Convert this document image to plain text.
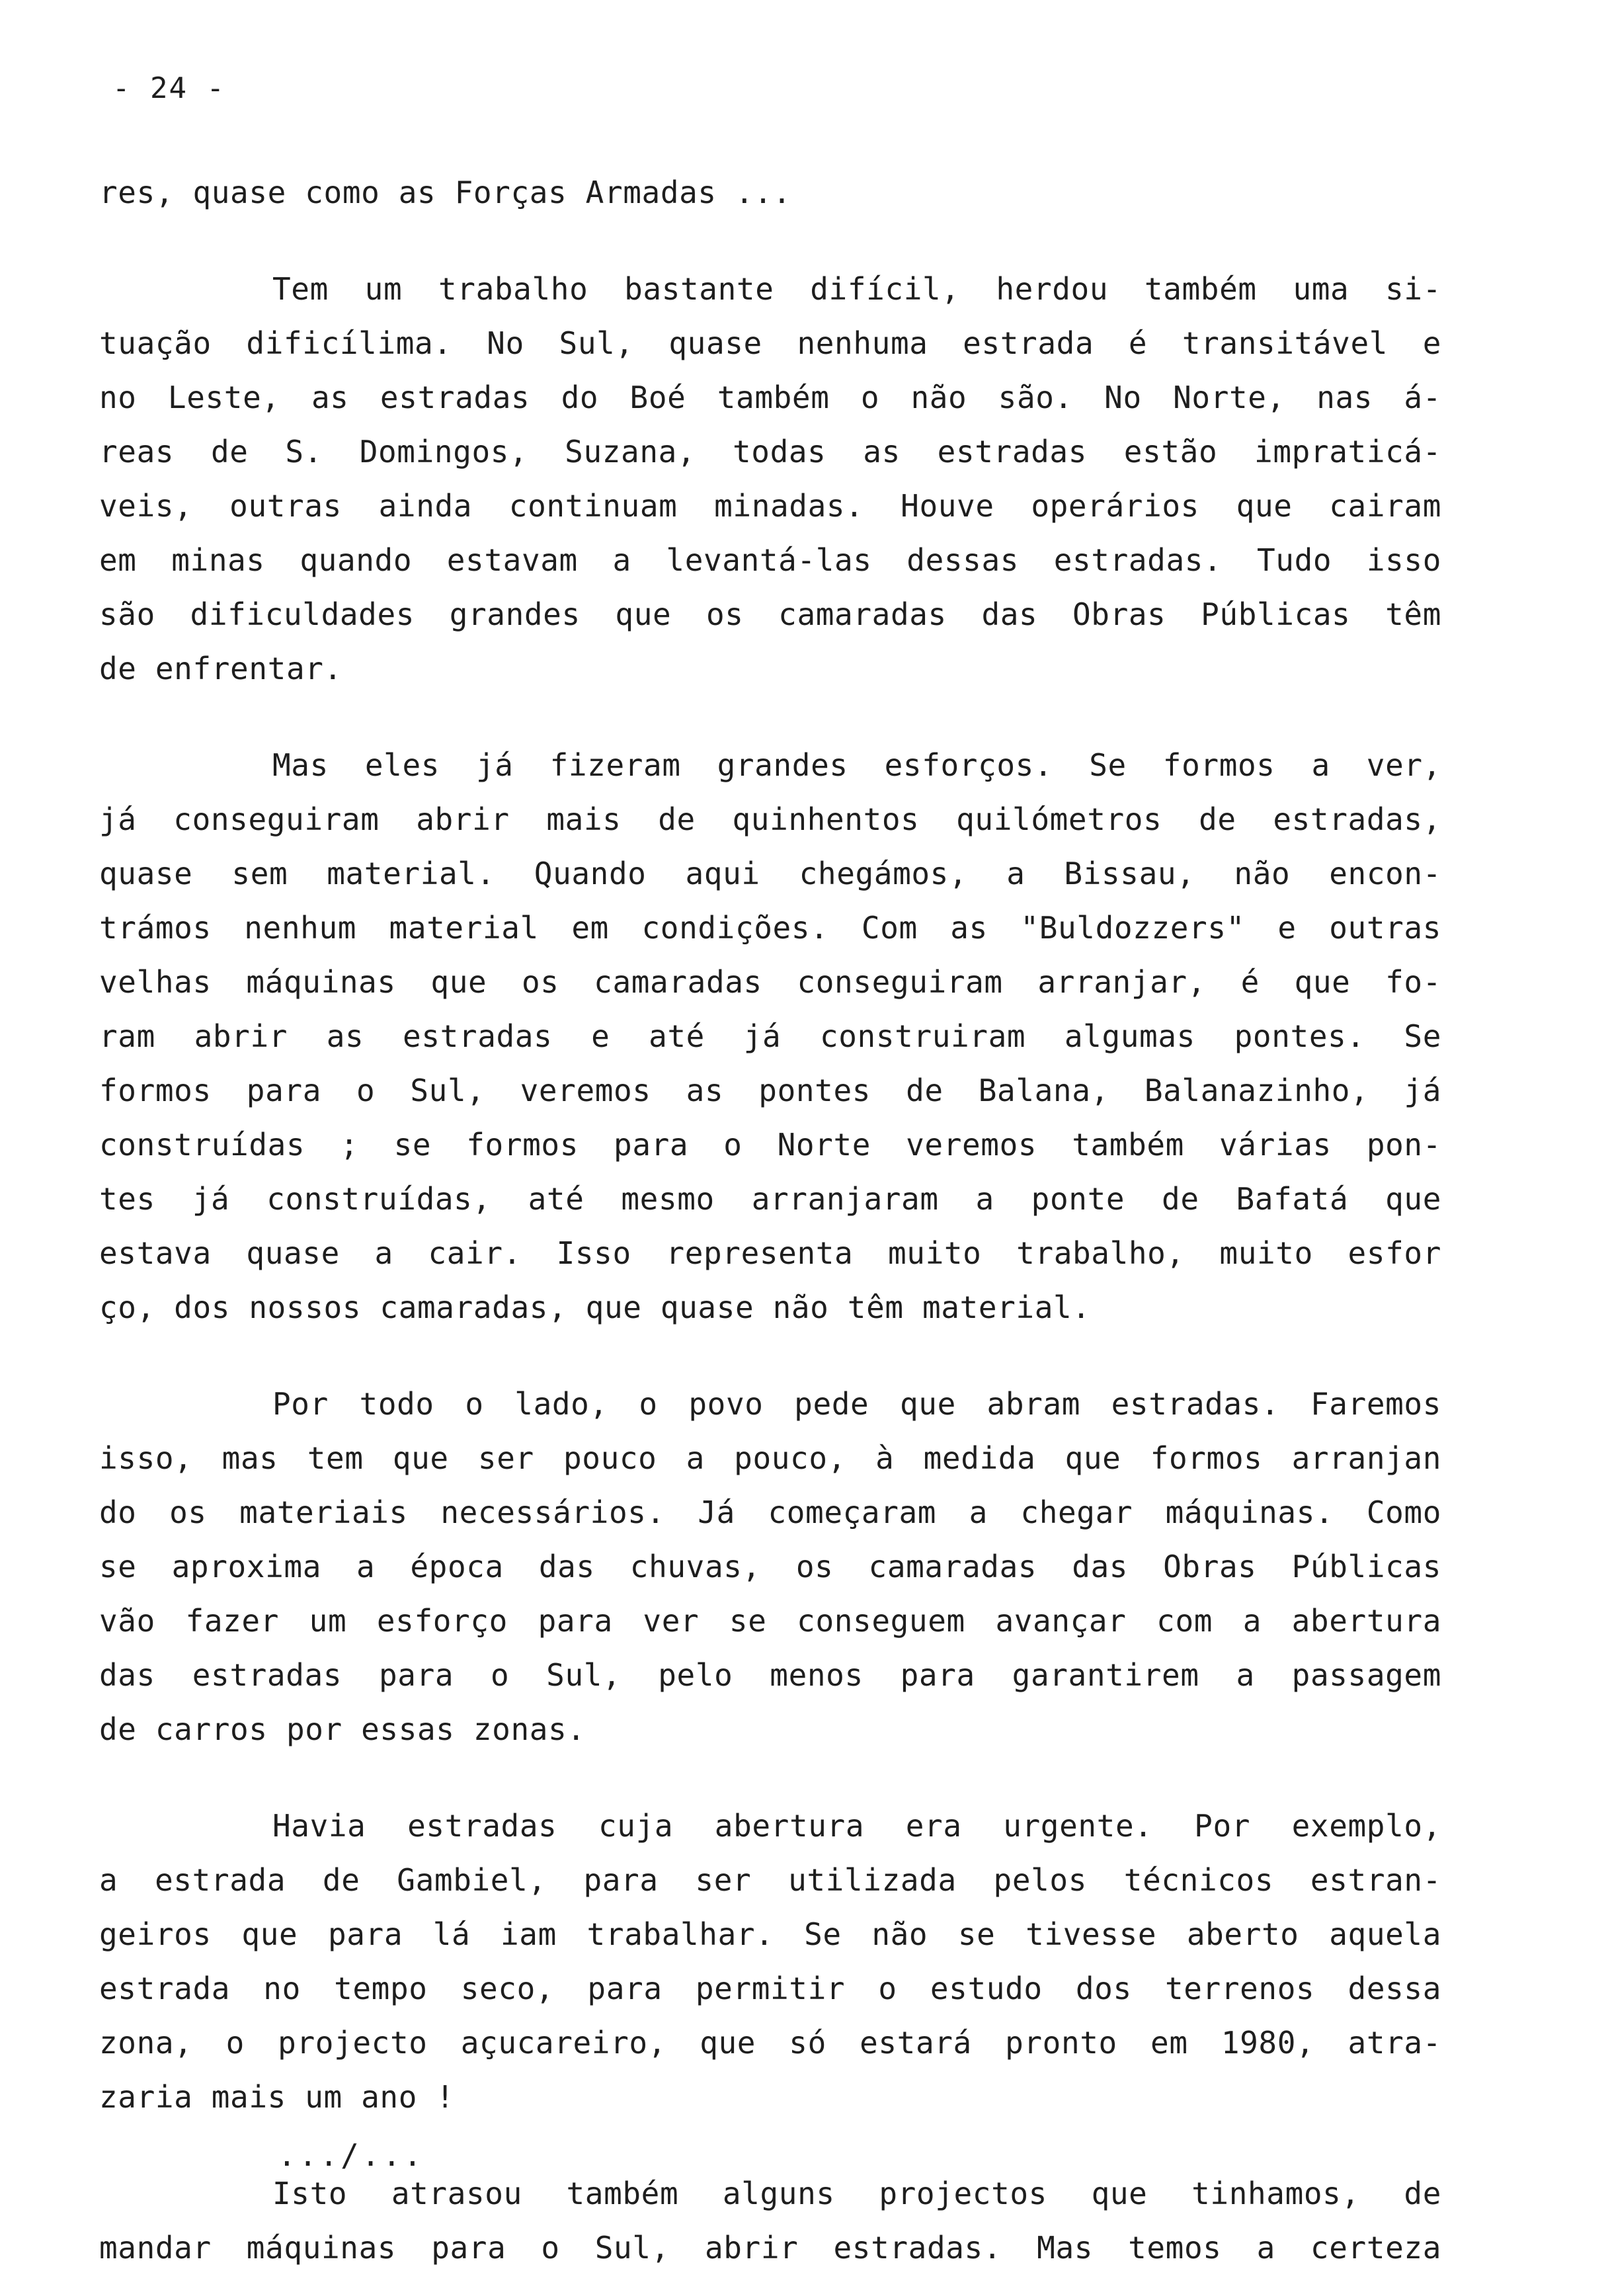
- 24 -
res, quase como as Forças Armadas ...
Tem um trabalho bastante difícil, herdou também uma si-
tuação dificílima. No Sul, quase nenhuma estrada é transitável e
no Leste, as estradas do Boé também o não são. No Norte, nas á-
reas de S. Domingos, Suzana, todas as estradas estão impraticá-
veis, outras ainda continuam minadas. Houve operários que cairam
em minas quando estavam a levantá-las dessas estradas. Tudo isso
são dificuldades grandes que os camaradas das Obras Públicas têm
de enfrentar.
Mas eles já fizeram grandes esforços. Se formos a ver,
já conseguiram abrir mais de quinhentos quilómetros de estradas,
quase sem material. Quando aqui chegámos, a Bissau, não encon-
trámos nenhum material em condições. Com as "Buldozzers" e outras
velhas máquinas que os camaradas conseguiram arranjar, é que fo-
ram abrir as estradas e até já construiram algumas pontes. Se
formos para o Sul, veremos as pontes de Balana, Balanazinho, já
construídas ; se formos para o Norte veremos também várias pon-
tes já construídas, até mesmo arranjaram a ponte de Bafatá que
estava quase a cair. Isso representa muito trabalho, muito esfor
ço, dos nossos camaradas, que quase não têm material.
Por todo o lado, o povo pede que abram estradas. Faremos
isso, mas tem que ser pouco a pouco, à medida que formos arranjan
do os materiais necessários. Já começaram a chegar máquinas. Como
se aproxima a época das chuvas, os camaradas das Obras Públicas
vão fazer um esforço para ver se conseguem avançar com a abertura
das estradas para o Sul, pelo menos para garantirem a passagem
de carros por essas zonas.
Havia estradas cuja abertura era urgente. Por exemplo,
a estrada de Gambiel, para ser utilizada pelos técnicos estran-
geiros que para lá iam trabalhar. Se não se tivesse aberto aquela
estrada no tempo seco, para permitir o estudo dos terrenos dessa
zona, o projecto açucareiro, que só estará pronto em 1980, atra-
zaria mais um ano !
Isto atrasou também alguns projectos que tinhamos, de
mandar máquinas para o Sul, abrir estradas. Mas temos a certeza
.../...
